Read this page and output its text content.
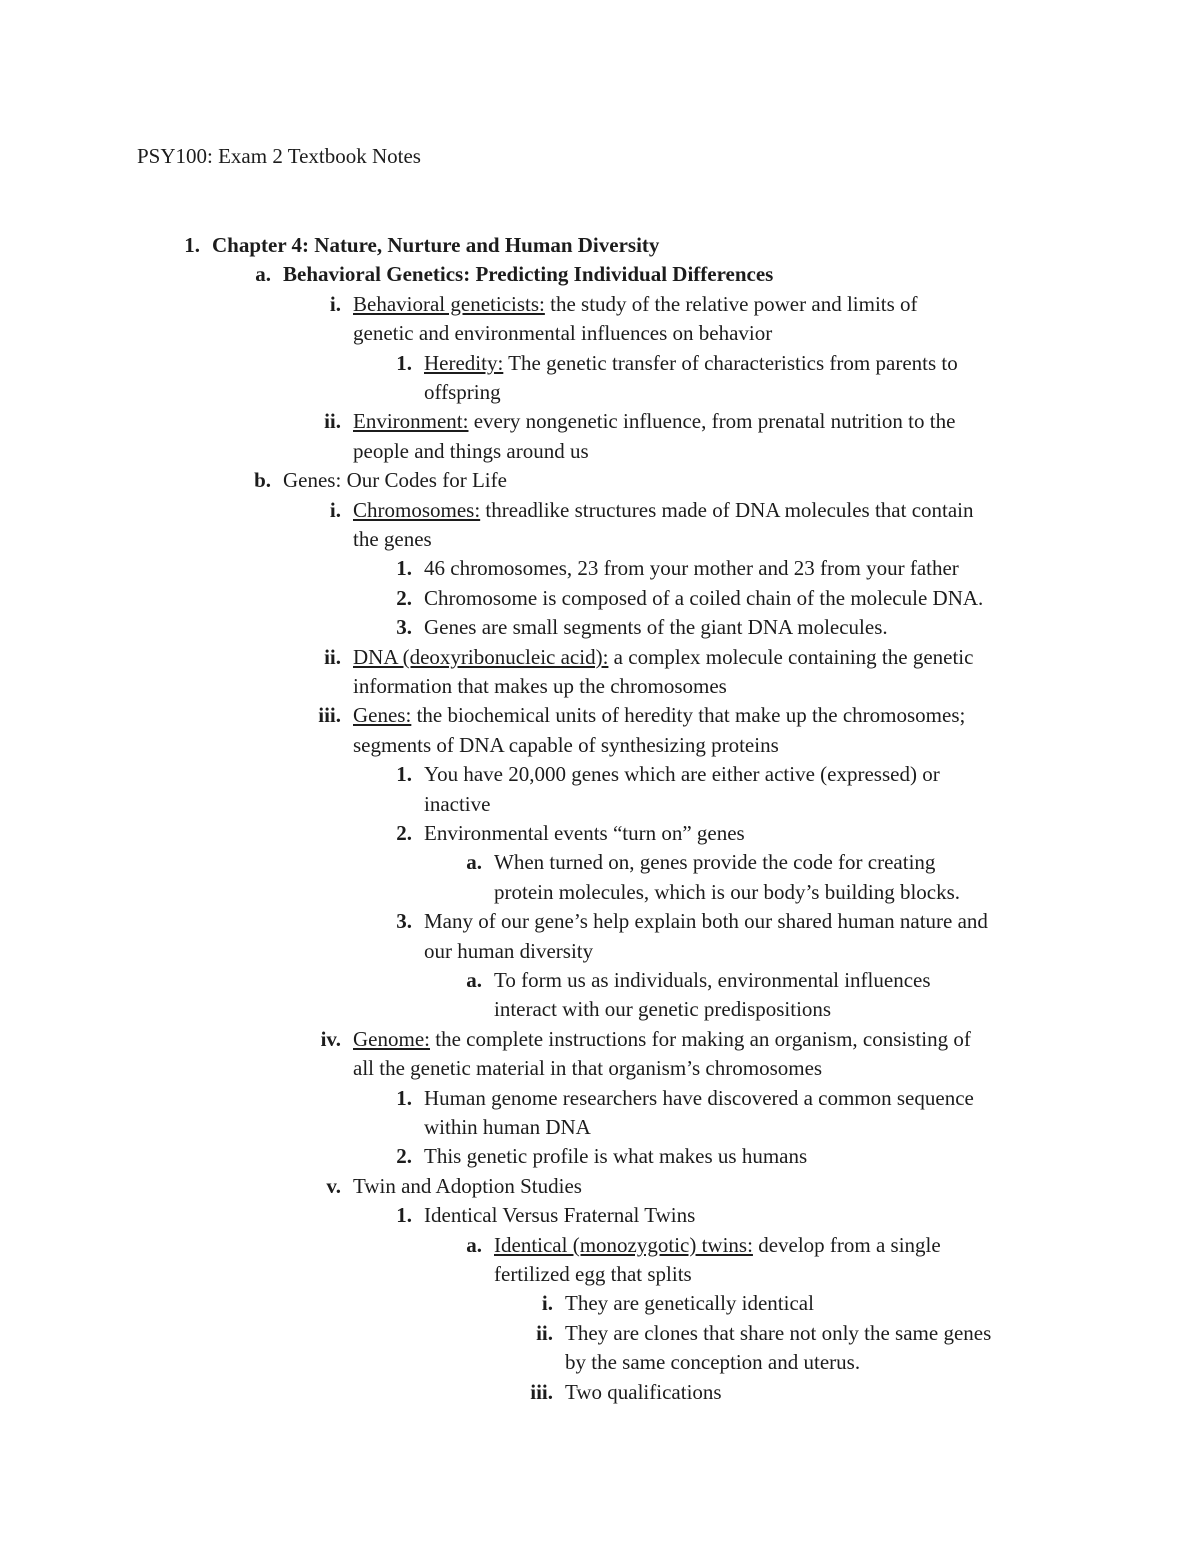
PSY100: Exam 2 Textbook Notes
1. Chapter 4: Nature, Nurture and Human Diversity
a. Behavioral Genetics: Predicting Individual Differences
i. Behavioral geneticists: the study of the relative power and limits of
genetic and environmental influences on behavior
1. Heredity: The genetic transfer of characteristics from parents to
offspring
ii. Environment: every nongenetic influence, from prenatal nutrition to the
people and things around us
b. Genes: Our Codes for Life
i. Chromosomes: threadlike structures made of DNA molecules that contain
the genes
1. 46 chromosomes, 23 from your mother and 23 from your father
2. Chromosome is composed of a coiled chain of the molecule DNA.
3. Genes are small segments of the giant DNA molecules.
ii. DNA (deoxyribonucleic acid): a complex molecule containing the genetic
information that makes up the chromosomes
iii. Genes: the biochemical units of heredity that make up the chromosomes;
segments of DNA capable of synthesizing proteins
1. You have 20,000 genes which are either active (expressed) or
inactive
2. Environmental events “turn on” genes
a. When turned on, genes provide the code for creating
protein molecules, which is our body’s building blocks.
3. Many of our gene’s help explain both our shared human nature and
our human diversity
a. To form us as individuals, environmental influences
interact with our genetic predispositions
iv. Genome: the complete instructions for making an organism, consisting of
all the genetic material in that organism’s chromosomes
1. Human genome researchers have discovered a common sequence
within human DNA
2. This genetic profile is what makes us humans
v. Twin and Adoption Studies
1. Identical Versus Fraternal Twins
a. Identical (monozygotic) twins: develop from a single
fertilized egg that splits
i. They are genetically identical
ii. They are clones that share not only the same genes
by the same conception and uterus.
iii. Two qualifications
